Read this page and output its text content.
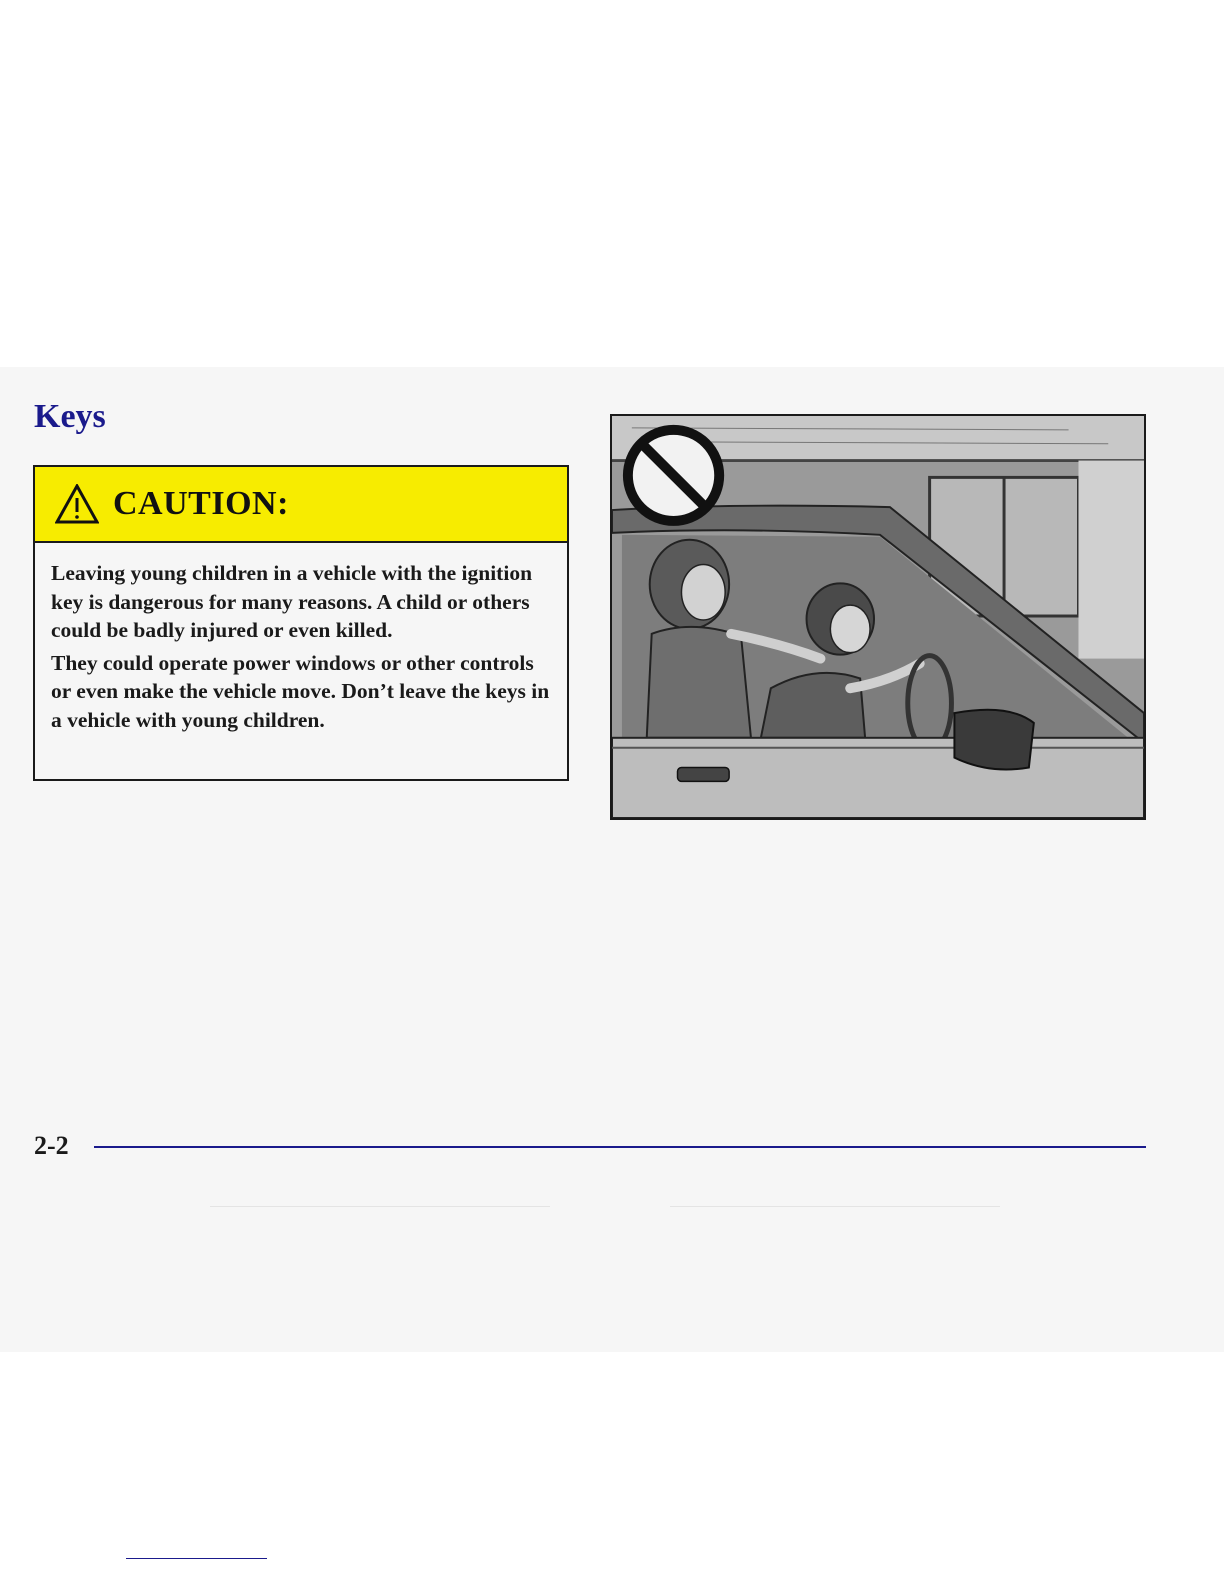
Keys
CAUTION:

Leaving young children in a vehicle with the ignition key is dangerous for many reasons. A child or others could be badly injured or even killed.

They could operate power windows or other controls or even make the vehicle move. Don’t leave the keys in a vehicle with young children.

2-2
